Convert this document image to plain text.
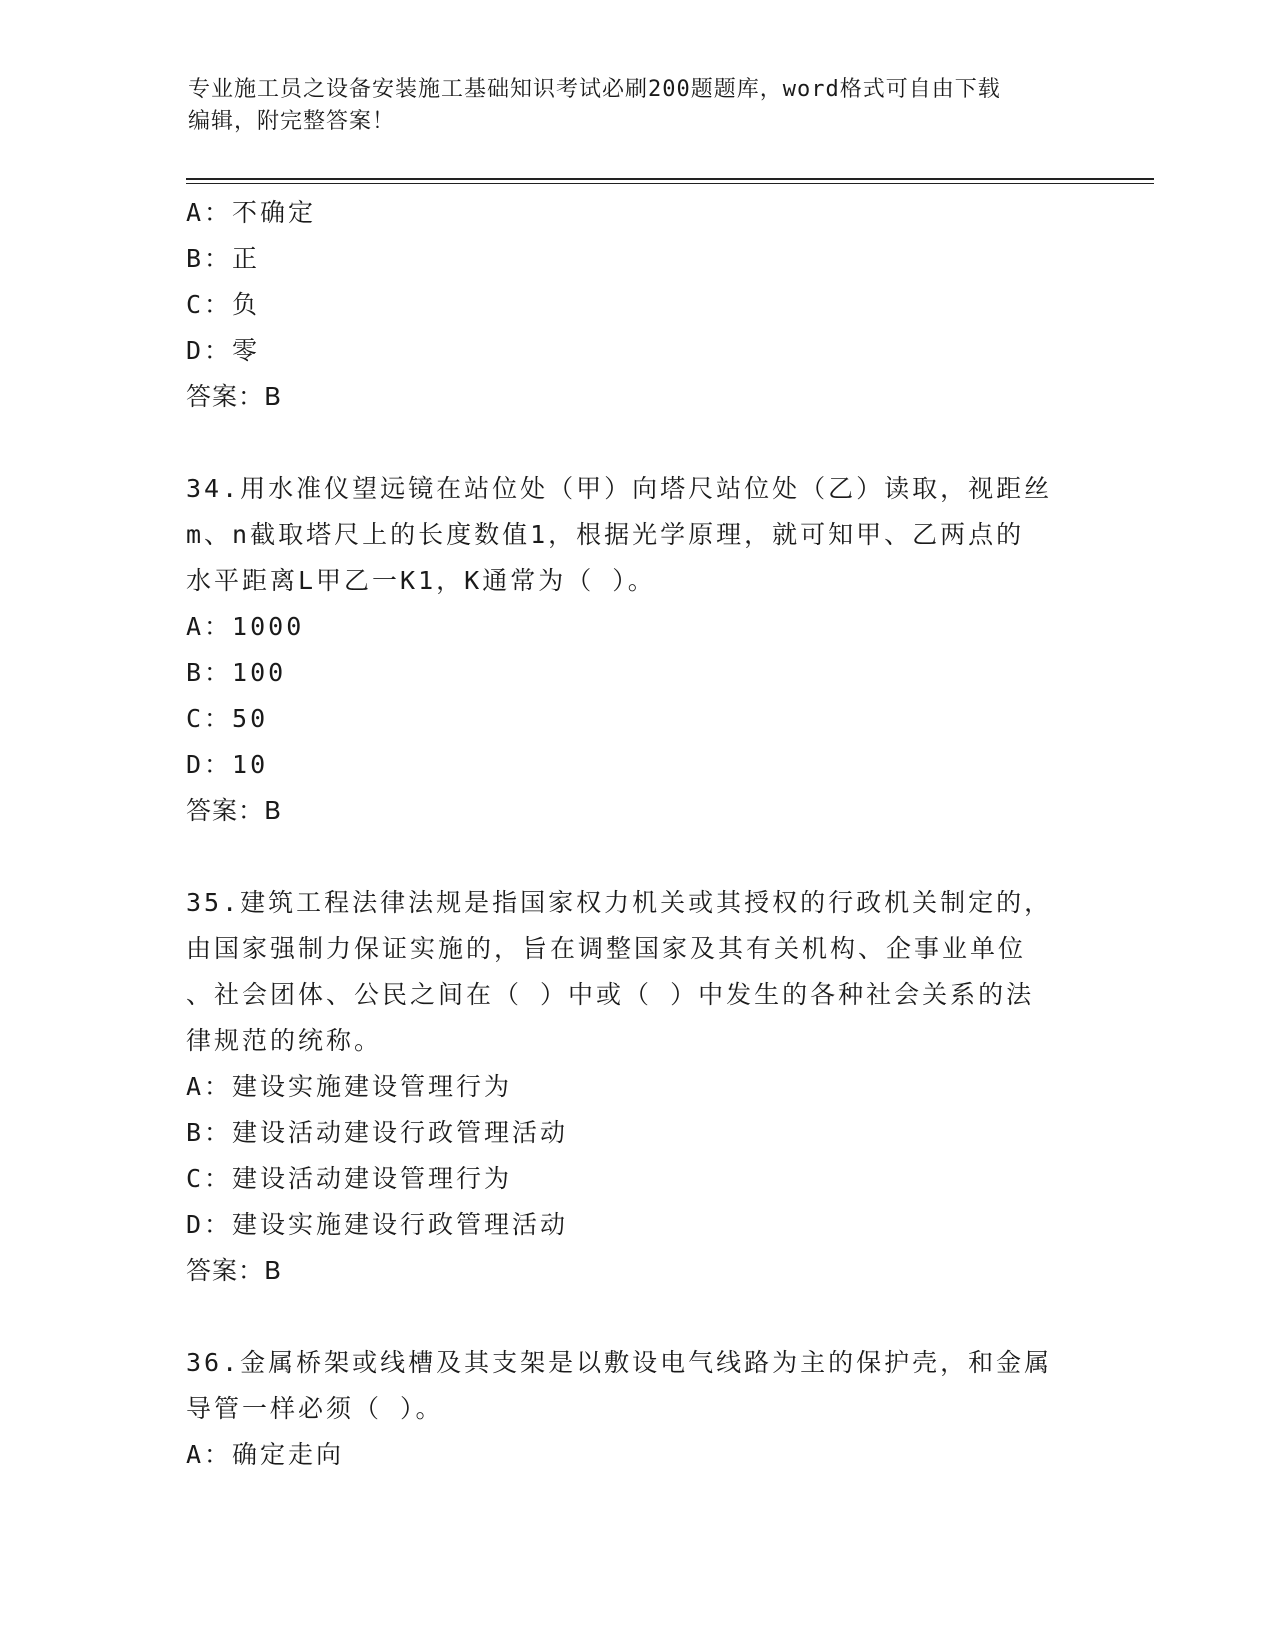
专业施工员之设备安装施工基础知识考试必刷200题题库，word格式可自由下载
编辑，附完整答案！
A：不确定
B：正
C：负
D：零
答案：B
34.用水准仪望远镜在站位处（甲）向塔尺站位处（乙）读取，视距丝
m、n截取塔尺上的长度数值1，根据光学原理，就可知甲、乙两点的
水平距离L甲乙一K1，K通常为（ ）。
A：1000
B：100
C：50
D：10
答案：B
35.建筑工程法律法规是指国家权力机关或其授权的行政机关制定的，
由国家强制力保证实施的，旨在调整国家及其有关机构、企事业单位
、社会团体、公民之间在（ ）中或（ ）中发生的各种社会关系的法
律规范的统称。
A：建设实施建设管理行为
B：建设活动建设行政管理活动
C：建设活动建设管理行为
D：建设实施建设行政管理活动
答案：B
36.金属桥架或线槽及其支架是以敷设电气线路为主的保护壳，和金属
导管一样必须（ ）。
A：确定走向
